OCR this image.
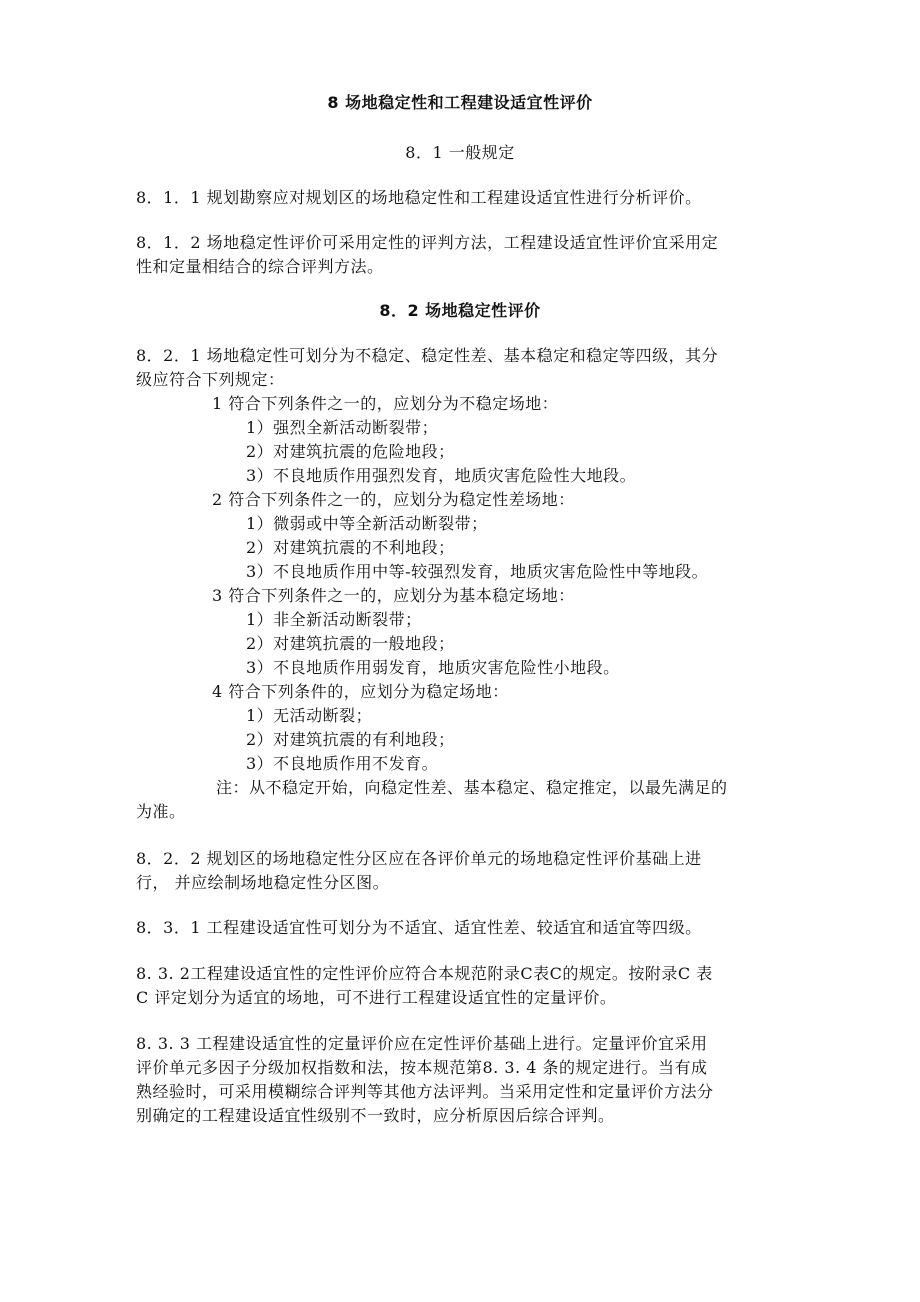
8 场地稳定性和工程建设适宜性评价
8．1 一般规定
8．1．1 规划勘察应对规划区的场地稳定性和工程建设适宜性进行分析评价。
8．1．2 场地稳定性评价可采用定性的评判方法，工程建设适宜性评价宜采用定
性和定量相结合的综合评判方法。
8．2 场地稳定性评价
8．2．1 场地稳定性可划分为不稳定、稳定性差、基本稳定和稳定等四级，其分
级应符合下列规定：
1 符合下列条件之一的，应划分为不稳定场地：
1）强烈全新活动断裂带；
2）对建筑抗震的危险地段；
3）不良地质作用强烈发育，地质灾害危险性大地段。
2 符合下列条件之一的，应划分为稳定性差场地：
1）微弱或中等全新活动断裂带；
2）对建筑抗震的不利地段；
3）不良地质作用中等-较强烈发育，地质灾害危险性中等地段。
3 符合下列条件之一的，应划分为基本稳定场地：
1）非全新活动断裂带；
2）对建筑抗震的一般地段；
3）不良地质作用弱发育，地质灾害危险性小地段。
4 符合下列条件的，应划分为稳定场地：
1）无活动断裂；
2）对建筑抗震的有利地段；
3）不良地质作用不发育。
注：从不稳定开始，向稳定性差、基本稳定、稳定推定，以最先满足的
为准。
8．2．2 规划区的场地稳定性分区应在各评价单元的场地稳定性评价基础上进
行， 并应绘制场地稳定性分区图。
8．3．1 工程建设适宜性可划分为不适宜、适宜性差、较适宜和适宜等四级。
8. 3. 2工程建设适宜性的定性评价应符合本规范附录C表C的规定。按附录C 表
C 评定划分为适宜的场地，可不进行工程建设适宜性的定量评价。
8. 3. 3 工程建设适宜性的定量评价应在定性评价基础上进行。定量评价宜采用
评价单元多因子分级加权指数和法，按本规范第8. 3. 4 条的规定进行。当有成
熟经验时，可采用模糊综合评判等其他方法评判。当采用定性和定量评价方法分
别确定的工程建设适宜性级别不一致时，应分析原因后综合评判。
